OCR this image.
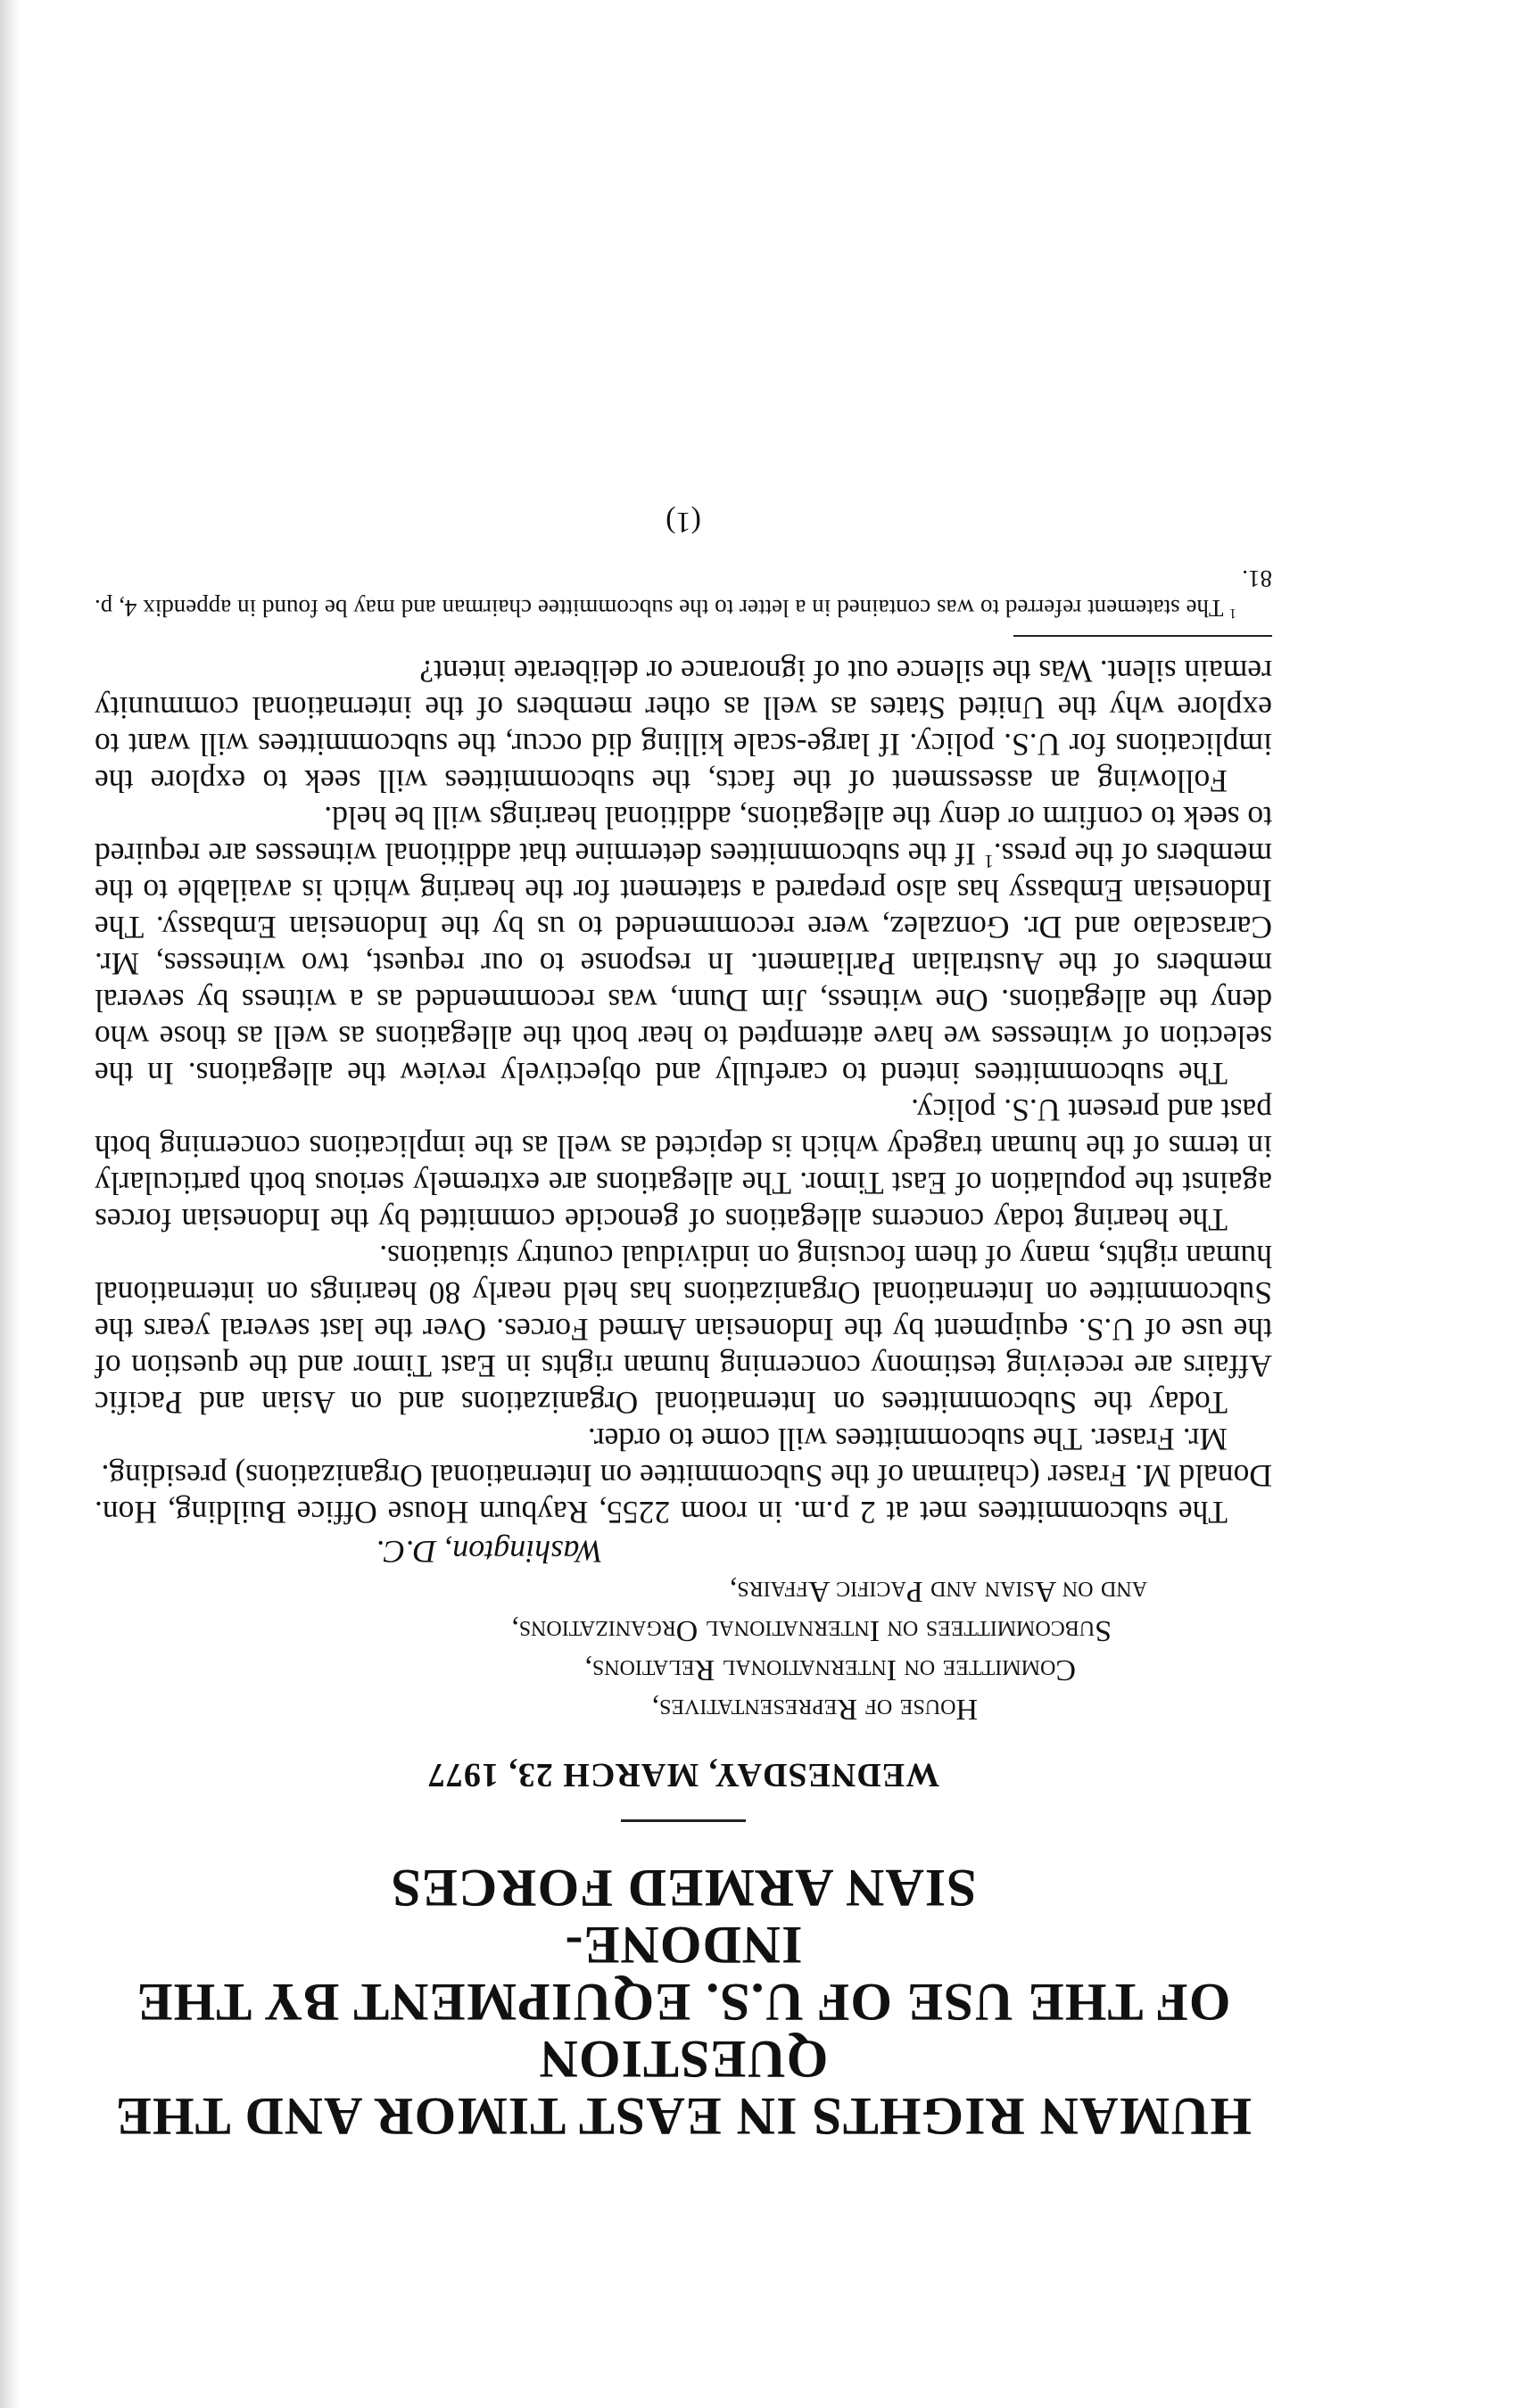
HUMAN RIGHTS IN EAST TIMOR AND THE QUESTION
OF THE USE OF U.S. EQUIPMENT BY THE INDONE-
SIAN ARMED FORCES
WEDNESDAY, MARCH 23, 1977
House of Representatives,
Committee on International Relations,
Subcommittees on International Organizations,
and on Asian and Pacific Affairs,
Washington, D.C.

The subcommittees met at 2 p.m. in room 2255, Rayburn House Office Building, Hon. Donald M. Fraser (chairman of the Subcommittee on International Organizations) presiding.

Mr. Fraser. The subcommittees will come to order.

Today the Subcommittees on International Organizations and on Asian and Pacific Affairs are receiving testimony concerning human rights in East Timor and the question of the use of U.S. equipment by the Indonesian Armed Forces. Over the last several years the Subcommittee on International Organizations has held nearly 80 hearings on international human rights, many of them focusing on individual country situations.

The hearing today concerns allegations of genocide committed by the Indonesian forces against the population of East Timor. The allegations are extremely serious both particularly in terms of the human tragedy which is depicted as well as the implications concerning both past and present U.S. policy.

The subcommittees intend to carefully and objectively review the allegations. In the selection of witnesses we have attempted to hear both the allegations as well as those who deny the allegations. One witness, Jim Dunn, was recommended as a witness by several members of the Australian Parliament. In response to our request, two witnesses, Mr. Carascalao and Dr. Gonzalez, were recommended to us by the Indonesian Embassy. The Indonesian Embassy has also prepared a statement for the hearing which is available to the members of the press.$^1$ If the subcommittees determine that additional witnesses are required to seek to confirm or deny the allegations, additional hearings will be held.

Following an assessment of the facts, the subcommittees will seek to explore the implications for U.S. policy. If large-scale killing did occur, the subcommittees will want to explore why the United States as well as other members of the international community remain silent. Was the silence out of ignorance or deliberate intent?

$^1$ The statement referred to was contained in a letter to the subcommittee chairman and may be found in appendix 4, p. 81.
(1)
